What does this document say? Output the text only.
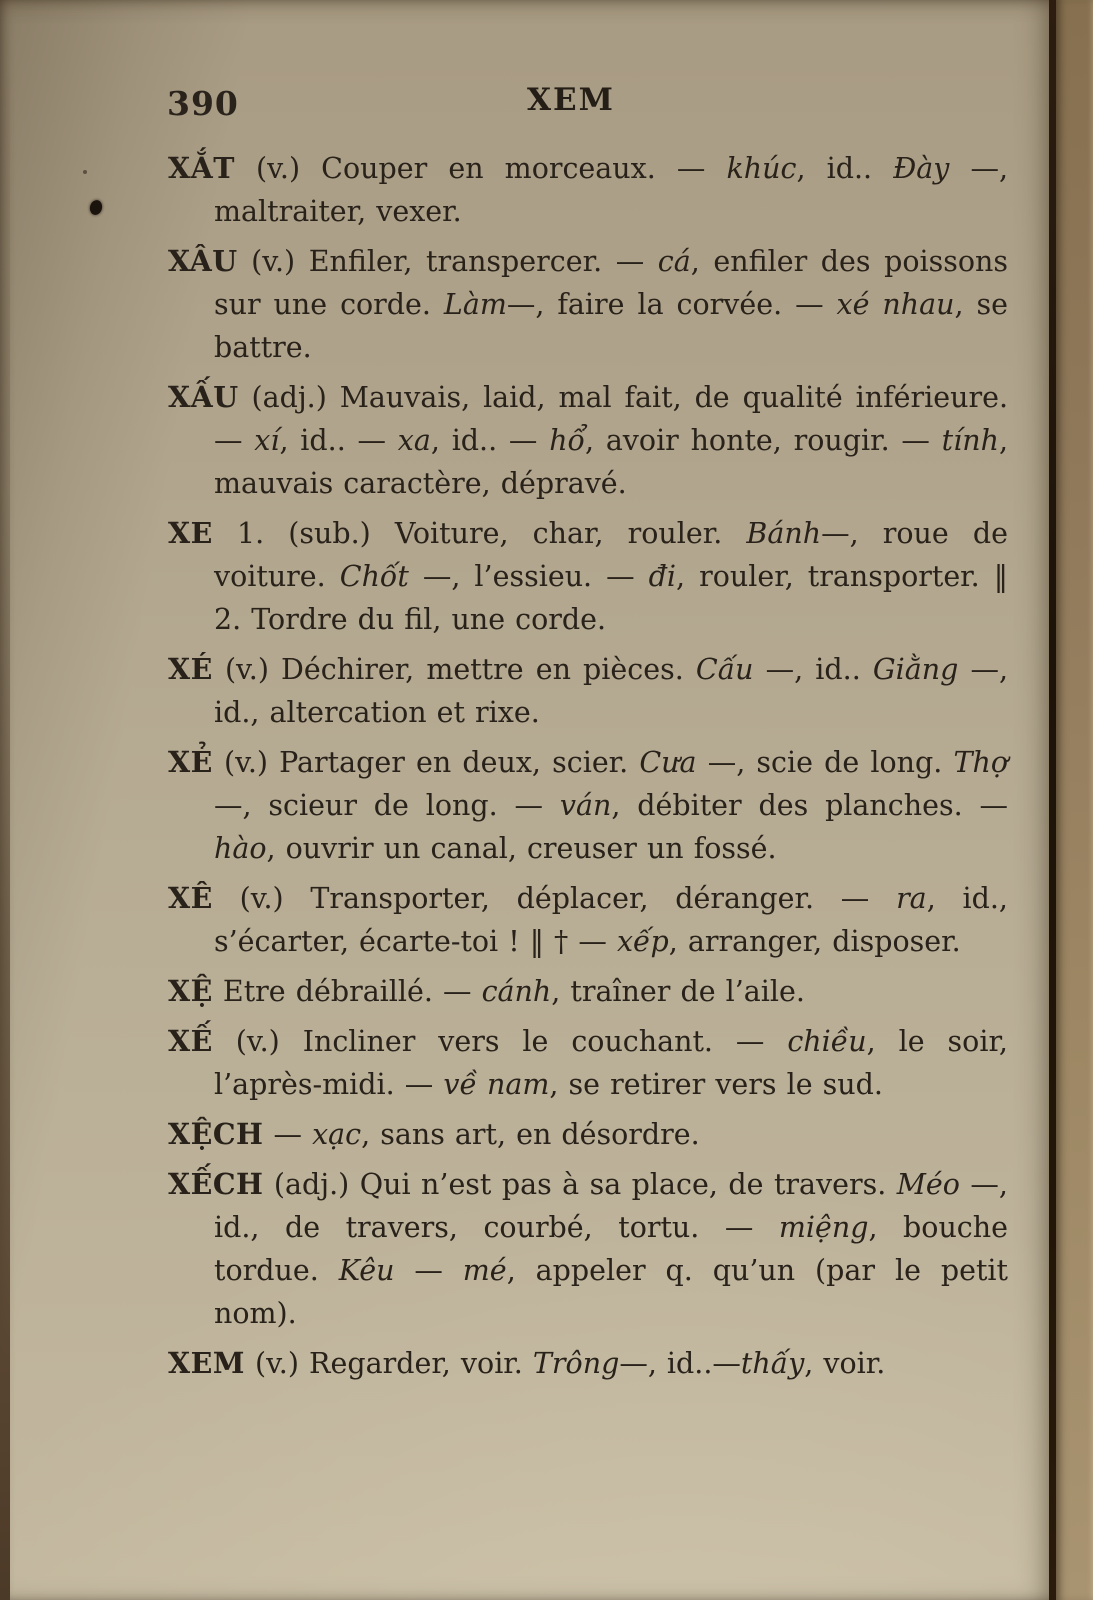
390	XEM

XẮT (v.) Couper en morceaux. — khúc, id.. Đày —, maltraiter, vexer.

XÂU (v.) Enfiler, transpercer. — cá, enfiler des poissons sur une corde. Làm—, faire la corvée. — xé nhau, se battre.

XẤU (adj.) Mauvais, laid, mal fait, de qualité inférieure. — xí, id.. — xa, id.. — hổ, avoir honte, rougir. — tính, mauvais caractère, dépravé.

XE 1. (sub.) Voiture, char, rouler. Bánh—, roue de voiture. Chốt —, l’essieu. — đi, rouler, transporter. ‖ 2. Tordre du fil, une corde.

XÉ (v.) Déchirer, mettre en pièces. Cấu —, id.. Giằng —, id., altercation et rixe.

XẺ (v.) Partager en deux, scier. Cưa —, scie de long. Thợ —, scieur de long. — ván, débiter des planches. — hào, ouvrir un canal, creuser un fossé.

XÊ (v.) Transporter, déplacer, déranger. — ra, id., s’écarter, écarte-toi ! ‖ † — xếp, arranger, disposer.

XỆ Etre débraillé. — cánh, traîner de l’aile.

XẾ (v.) Incliner vers le couchant. — chiều, le soir, l’après-midi. — về nam, se retirer vers le sud.

XỆCH — xạc, sans art, en désordre.

XẾCH (adj.) Qui n’est pas à sa place, de travers. Méo —, id., de travers, courbé, tortu. — miệng, bouche tordue. Kêu — mé, appeler q. qu’un (par le petit nom).

XEM (v.) Regarder, voir. Trông—, id..—thấy, voir.
